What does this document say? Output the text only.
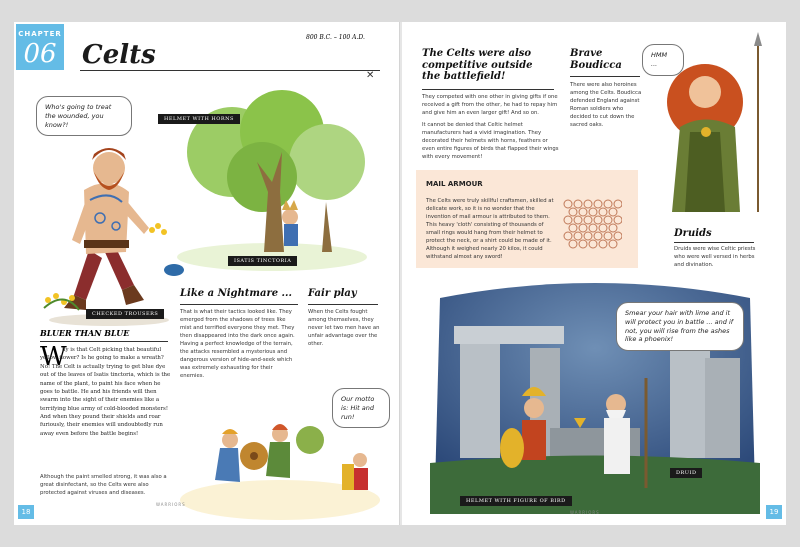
CHAPTER
06 Celts
800 B.C. – 100 A.D.
✕
Who's going to treat the wounded, you know?!
HELMET WITH HORNS
ISATIS TINCTORIA
CHECKED TROUSERS
BLUER THAN BLUE
W
hy is that Celt picking that beautiful yellow flower? Is he going to make a wreath? No! The Celt is actually trying to get blue dye out of the leaves of Isatis tinctoria, which is the name of the plant, to paint his face when he goes to battle. He and his friends will then swarm into the sight of their enemies like a terrifying blue army of cold-blooded monsters! And when they pound their shields and roar furiously, their enemies will undoubtedly run away even before the battle begins!
Although the paint smelled strong, it was also a great disinfectant, so the Celts were also protected against viruses and diseases.
Like a Nightmare ...
That is what their tactics looked like. They emerged from the shadows of trees like mist and terrified everyone they met. They then disappeared into the dark once again. Having a perfect knowledge of the terrain, the attacks resembled a mysterious and dangerous version of hide-and-seek which was extremely exhausting for their enemies.
Fair play
When the Celts fought among themselves, they never let two men have an unfair advantage over the other.
Our motto is: Hit and run!
WARRIORS
18
The Celts were also competitive outside the battlefield!
They competed with one other in giving gifts if one received a gift from the other, he had to repay him and give him an even larger gift! And so on.
It cannot be denied that Celtic helmet manufacturers had a vivid imagination. They decorated their helmets with horns, feathers or even entire figures of birds that flapped their wings with every movement!
Brave Boudicca
There were also heroines among the Celts. Boudicca defended England against Roman soldiers who decided to cut down the sacred oaks.
HMM ...
MAIL ARMOUR
The Celts were truly skillful craftsmen, skilled at delicate work, so it is no wonder that the invention of mail armour is attributed to them. This heavy 'cloth' consisting of thousands of small rings would hang from their helmet to protect the neck, or a shirt could be made of it. Although it weighed nearly 20 kilos, it could withstand almost any sword!
Druids
Druids were wise Celtic priests who were well versed in herbs and divination.
Smear your hair with lime and it will protect you in battle ... and if not, you will rise from the ashes like a phoenix!
HELMET WITH FIGURE OF BIRD
DRUID
WARRIORS	19
